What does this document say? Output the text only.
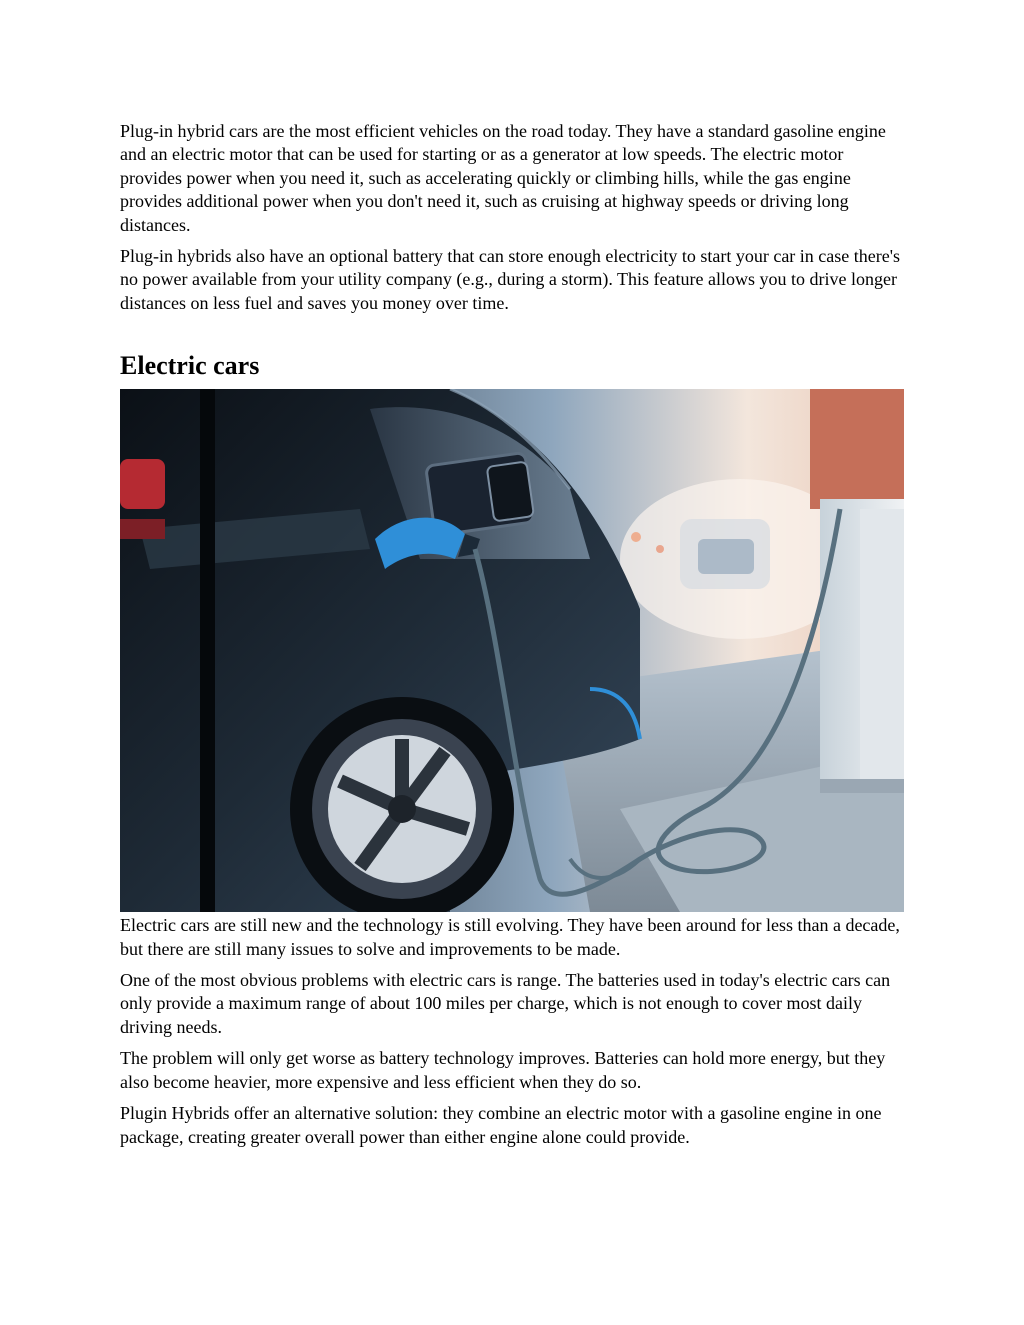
Plug-in hybrid cars are the most efficient vehicles on the road today. They have a standard gasoline engine and an electric motor that can be used for starting or as a generator at low speeds. The electric motor provides power when you need it, such as accelerating quickly or climbing hills, while the gas engine provides additional power when you don't need it, such as cruising at highway speeds or driving long distances.

Plug-in hybrids also have an optional battery that can store enough electricity to start your car in case there's no power available from your utility company (e.g., during a storm). This feature allows you to drive longer distances on less fuel and saves you money over time.

Electric cars

Electric cars are still new and the technology is still evolving. They have been around for less than a decade, but there are still many issues to solve and improvements to be made.

One of the most obvious problems with electric cars is range. The batteries used in today's electric cars can only provide a maximum range of about 100 miles per charge, which is not enough to cover most daily driving needs.

The problem will only get worse as battery technology improves. Batteries can hold more energy, but they also become heavier, more expensive and less efficient when they do so.

Plugin Hybrids offer an alternative solution: they combine an electric motor with a gasoline engine in one package, creating greater overall power than either engine alone could provide.
